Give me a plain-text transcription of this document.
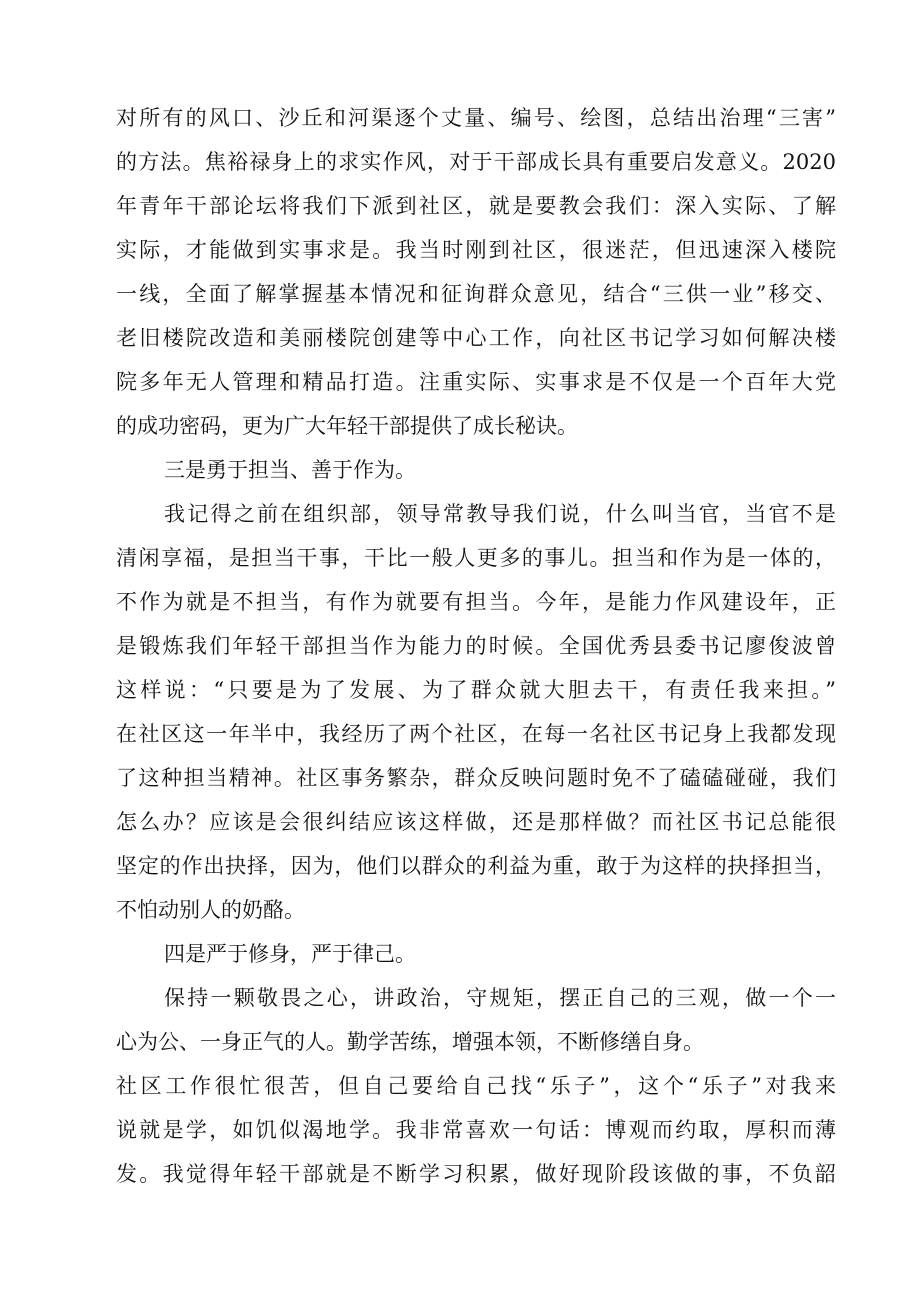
对所有的风口、沙丘和河渠逐个丈量、编号、绘图，总结出治理“三害”
的方法。焦裕禄身上的求实作风，对于干部成长具有重要启发意义。2020
年青年干部论坛将我们下派到社区，就是要教会我们：深入实际、了解
实际，才能做到实事求是。我当时刚到社区，很迷茫，但迅速深入楼院
一线，全面了解掌握基本情况和征询群众意见，结合“三供一业”移交、
老旧楼院改造和美丽楼院创建等中心工作，向社区书记学习如何解决楼
院多年无人管理和精品打造。注重实际、实事求是不仅是一个百年大党
的成功密码，更为广大年轻干部提供了成长秘诀。
三是勇于担当、善于作为。
我记得之前在组织部，领导常教导我们说，什么叫当官，当官不是
清闲享福，是担当干事，干比一般人更多的事儿。担当和作为是一体的，
不作为就是不担当，有作为就要有担当。今年，是能力作风建设年，正
是锻炼我们年轻干部担当作为能力的时候。全国优秀县委书记廖俊波曾
这样说：“只要是为了发展、为了群众就大胆去干，有责任我来担。”
在社区这一年半中，我经历了两个社区，在每一名社区书记身上我都发现
了这种担当精神。社区事务繁杂，群众反映问题时免不了磕磕碰碰，我们
怎么办？应该是会很纠结应该这样做，还是那样做？而社区书记总能很
坚定的作出抉择，因为，他们以群众的利益为重，敢于为这样的抉择担当，
不怕动别人的奶酪。
四是严于修身，严于律己。
保持一颗敬畏之心，讲政治，守规矩，摆正自己的三观，做一个一
心为公、一身正气的人。勤学苦练，增强本领，不断修缮自身。
社区工作很忙很苦，但自己要给自己找“乐子”，这个“乐子”对我来
说就是学，如饥似渴地学。我非常喜欢一句话：博观而约取，厚积而薄
发。我觉得年轻干部就是不断学习积累，做好现阶段该做的事，不负韶
